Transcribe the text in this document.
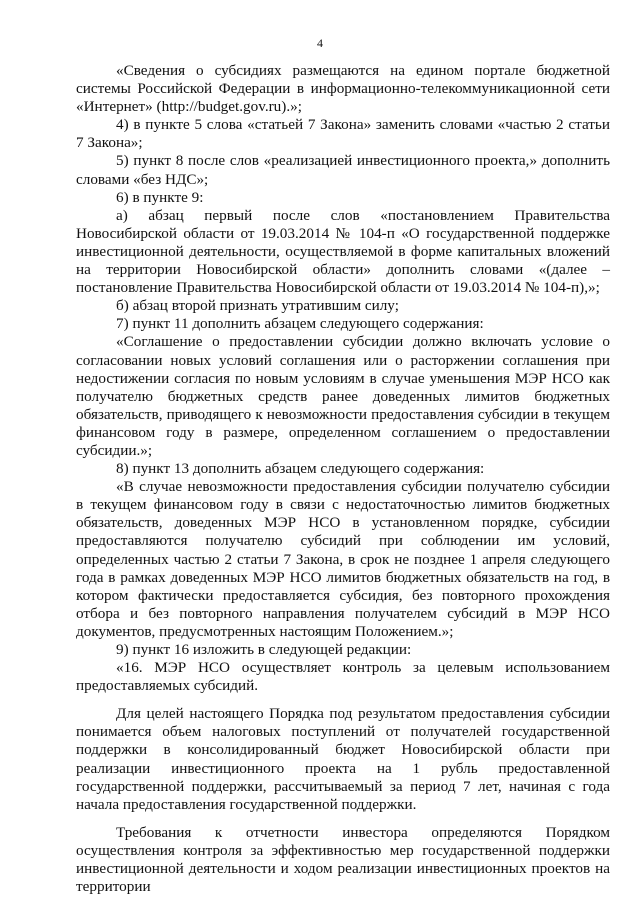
4

«Сведения о субсидиях размещаются на едином портале бюджетной системы Российской Федерации в информационно-телекоммуникационной сети «Интернет» (http://budget.gov.ru).»;

4) в пункте 5 слова «статьей 7 Закона» заменить словами «частью 2 статьи 7 Закона»;

5) пункт 8 после слов «реализацией инвестиционного проекта,» дополнить словами «без НДС»;

6) в пункте 9:

а) абзац первый после слов «постановлением Правительства Новосибирской области от 19.03.2014 № 104-п «О государственной поддержке инвестиционной деятельности, осуществляемой в форме капитальных вложений на территории Новосибирской области» дополнить словами «(далее – постановление Правительства Новосибирской области от 19.03.2014 № 104-п),»;

б) абзац второй признать утратившим силу;

7) пункт 11 дополнить абзацем следующего содержания:

«Соглашение о предоставлении субсидии должно включать условие о согласовании новых условий соглашения или о расторжении соглашения при недостижении согласия по новым условиям в случае уменьшения МЭР НСО как получателю бюджетных средств ранее доведенных лимитов бюджетных обязательств, приводящего к невозможности предоставления субсидии в текущем финансовом году в размере, определенном соглашением о предоставлении субсидии.»;

8) пункт 13 дополнить абзацем следующего содержания:

«В случае невозможности предоставления субсидии получателю субсидии в текущем финансовом году в связи с недостаточностью лимитов бюджетных обязательств, доведенных МЭР НСО в установленном порядке, субсидии предоставляются получателю субсидий при соблюдении им условий, определенных частью 2 статьи 7 Закона, в срок не позднее 1 апреля следующего года в рамках доведенных МЭР НСО лимитов бюджетных обязательств на год, в котором фактически предоставляется субсидия, без повторного прохождения отбора и без повторного направления получателем субсидий в МЭР НСО документов, предусмотренных настоящим Положением.»;

9) пункт 16 изложить в следующей редакции:

«16. МЭР НСО осуществляет контроль за целевым использованием предоставляемых субсидий.

Для целей настоящего Порядка под результатом предоставления субсидии понимается объем налоговых поступлений от получателей государственной поддержки в консолидированный бюджет Новосибирской области при реализации инвестиционного проекта на 1 рубль предоставленной государственной поддержки, рассчитываемый за период 7 лет, начиная с года начала предоставления государственной поддержки.

Требования к отчетности инвестора определяются Порядком осуществления контроля за эффективностью мер государственной поддержки инвестиционной деятельности и ходом реализации инвестиционных проектов на территории
